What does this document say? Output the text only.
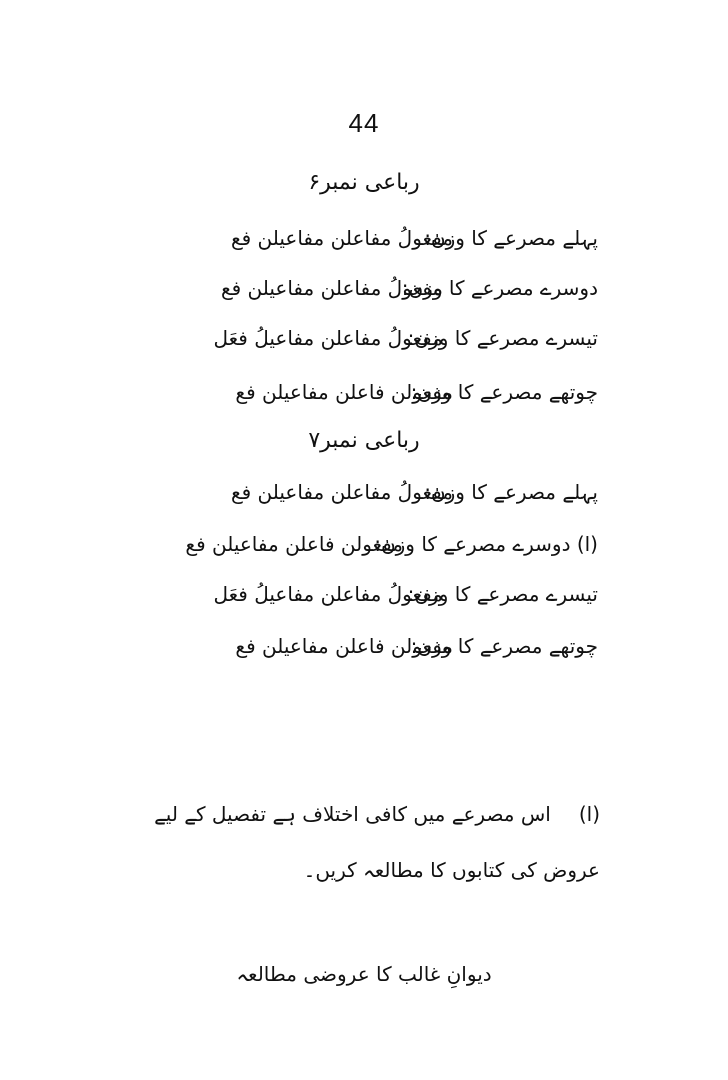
44
رباعی نمبر۶
پہلے مصرعے کا وزن:
مفعولُ مفاعلن مفاعیلن فع
دوسرے مصرعے کا وزن:
مفعولُ مفاعلن مفاعیلن فع
تیسرے مصرعے کا وزن:
مفعولُ مفاعلن مفاعیلُ فعَل
چوتھے مصرعے کا وزن:
مفعولن فاعلن مفاعیلن فع
رباعی نمبر۷
پہلے مصرعے کا وزن:
مفعولُ مفاعلن مفاعیلن فع
(ا) دوسرے مصرعے کا وزن:
مفعولن فاعلن مفاعیلن فع
تیسرے مصرعے کا وزن:
مفعولُ مفاعلن مفاعیلُ فعَل
چوتھے مصرعے کا وزن:
مفعولن فاعلن مفاعیلن فع
(ا)اس مصرعے میں کافی اختلاف ہے تفصیل کے لیے عروض کی کتابوں کا مطالعہ کریں۔
دیوانِ غالب کا عروضی مطالعہ
